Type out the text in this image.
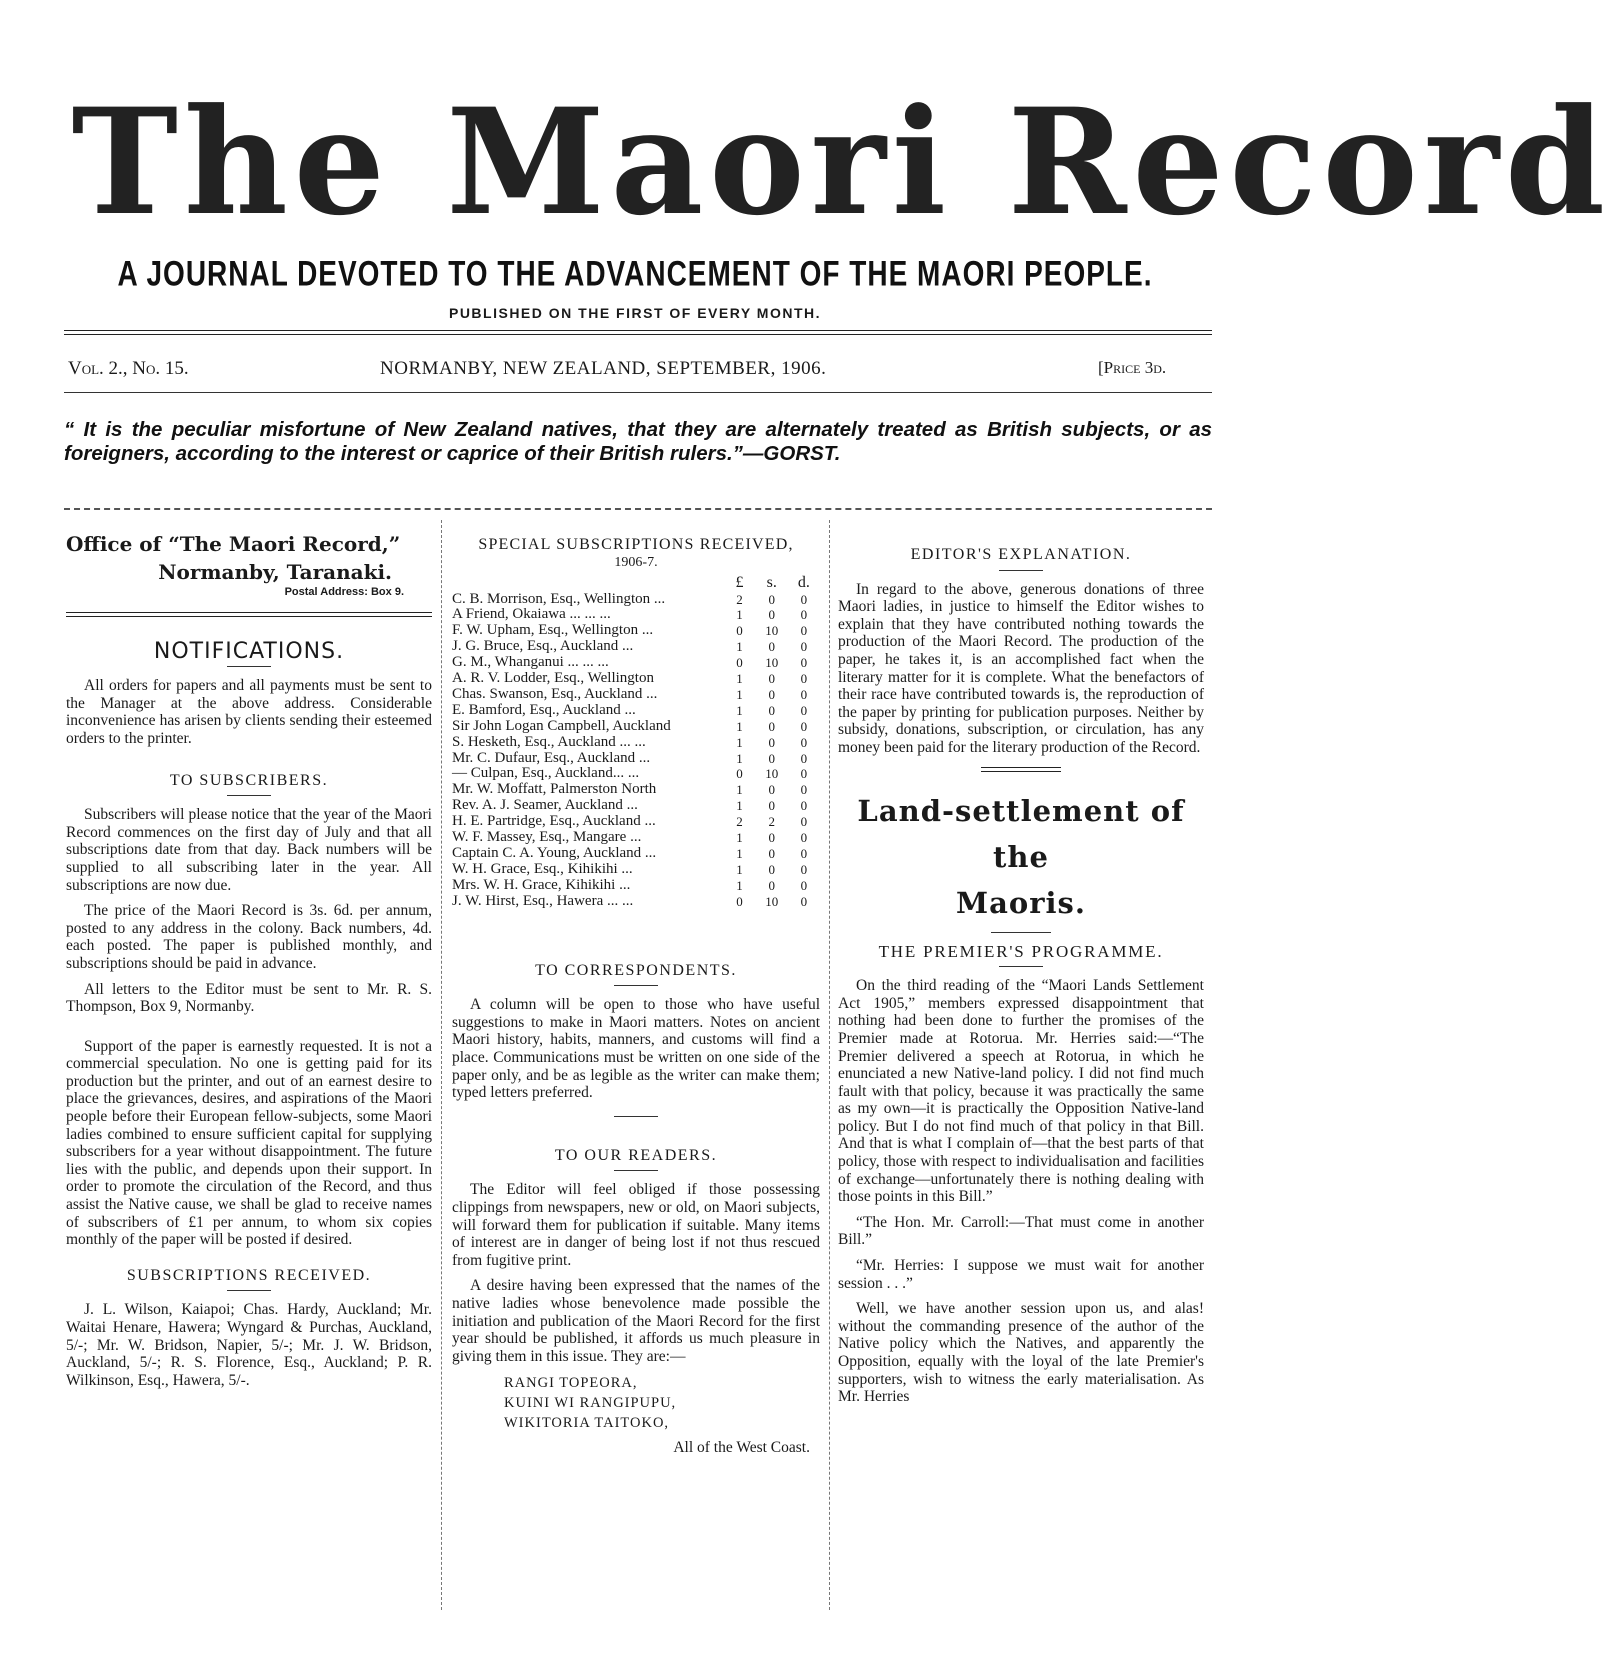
The Maori Record
A JOURNAL DEVOTED TO THE ADVANCEMENT OF THE MAORI PEOPLE.
PUBLISHED ON THE FIRST OF EVERY MONTH.
Vol. 2., No. 15.	NORMANBY, NEW ZEALAND, SEPTEMBER, 1906.	[Price 3d.
“ It is the peculiar misfortune of New Zealand natives, that they are alternately treated as British subjects, or as foreigners, according to the interest or caprice of their British rulers.”—GORST.
Office of “The Maori Record,”
Normanby, Taranaki.
Postal Address: Box 9.
NOTIFICATIONS.

All orders for papers and all payments must be sent to the Manager at the above address. Considerable inconvenience has arisen by clients sending their esteemed orders to the printer.

TO SUBSCRIBERS.

Subscribers will please notice that the year of the Maori Record commences on the first day of July and that all subscriptions date from that day. Back numbers will be supplied to all subscribing later in the year. All subscriptions are now due.

The price of the Maori Record is 3s. 6d. per annum, posted to any address in the colony. Back numbers, 4d. each posted. The paper is published monthly, and subscriptions should be paid in advance.

All letters to the Editor must be sent to Mr. R. S. Thompson, Box 9, Normanby.

Support of the paper is earnestly requested. It is not a commercial speculation. No one is getting paid for its production but the printer, and out of an earnest desire to place the grievances, desires, and aspirations of the Maori people before their European fellow-subjects, some Maori ladies combined to ensure sufficient capital for supplying subscribers for a year without disappointment. The future lies with the public, and depends upon their support. In order to promote the circulation of the Record, and thus assist the Native cause, we shall be glad to receive names of subscribers of £1 per annum, to whom six copies monthly of the paper will be posted if desired.

SUBSCRIPTIONS RECEIVED.

J. L. Wilson, Kaiapoi; Chas. Hardy, Auckland; Mr. Waitai Henare, Hawera; Wyngard & Purchas, Auckland, 5/-; Mr. W. Bridson, Napier, 5/-; Mr. J. W. Bridson, Auckland, 5/-; R. S. Florence, Esq., Auckland; P. R. Wilkinson, Esq., Hawera, 5/-.

SPECIAL SUBSCRIPTIONS RECEIVED,
1906-7.
	£	s.	d.
C. B. Morrison, Esq., Wellington ...	2	0	0
A Friend, Okaiawa ... ... ...	1	0	0
F. W. Upham, Esq., Wellington ...	0	10	0
J. G. Bruce, Esq., Auckland ...	1	0	0
G. M., Whanganui ... ... ...	0	10	0
A. R. V. Lodder, Esq., Wellington	1	0	0
Chas. Swanson, Esq., Auckland ...	1	0	0
E. Bamford, Esq., Auckland ...	1	0	0
Sir John Logan Campbell, Auckland	1	0	0
S. Hesketh, Esq., Auckland ... ...	1	0	0
Mr. C. Dufaur, Esq., Auckland ...	1	0	0
— Culpan, Esq., Auckland... ...	0	10	0
Mr. W. Moffatt, Palmerston North	1	0	0
Rev. A. J. Seamer, Auckland ...	1	0	0
H. E. Partridge, Esq., Auckland ...	2	2	0
W. F. Massey, Esq., Mangare ...	1	0	0
Captain C. A. Young, Auckland ...	1	0	0
W. H. Grace, Esq., Kihikihi ...	1	0	0
Mrs. W. H. Grace, Kihikihi ...	1	0	0
J. W. Hirst, Esq., Hawera ... ...	0	10	0
TO CORRESPONDENTS.

A column will be open to those who have useful suggestions to make in Maori matters. Notes on ancient Maori history, habits, manners, and customs will find a place. Communications must be written on one side of the paper only, and be as legible as the writer can make them; typed letters preferred.

TO OUR READERS.

The Editor will feel obliged if those possessing clippings from newspapers, new or old, on Maori subjects, will forward them for publication if suitable. Many items of interest are in danger of being lost if not thus rescued from fugitive print.

A desire having been expressed that the names of the native ladies whose benevolence made possible the initiation and publication of the Maori Record for the first year should be published, it affords us much pleasure in giving them in this issue. They are:—

RANGI TOPEORA,
KUINI WI RANGIPUPU,
WIKITORIA TAITOKO,
All of the West Coast.
EDITOR'S EXPLANATION.

In regard to the above, generous donations of three Maori ladies, in justice to himself the Editor wishes to explain that they have contributed nothing towards the production of the Maori Record. The production of the paper, he takes it, is an accomplished fact when the literary matter for it is complete. What the benefactors of their race have contributed towards is, the reproduction of the paper by printing for publication purposes. Neither by subsidy, donations, subscription, or circulation, has any money been paid for the literary production of the Record.

Land-settlement of the
Maoris.
THE PREMIER'S PROGRAMME.

On the third reading of the “Maori Lands Settlement Act 1905,” members expressed disappointment that nothing had been done to further the promises of the Premier made at Rotorua. Mr. Herries said:—“The Premier delivered a speech at Rotorua, in which he enunciated a new Native-land policy. I did not find much fault with that policy, because it was practically the same as my own—it is practically the Opposition Native-land policy. But I do not find much of that policy in that Bill. And that is what I complain of—that the best parts of that policy, those with respect to individualisation and facilities of exchange—unfortunately there is nothing dealing with those points in this Bill.”

“The Hon. Mr. Carroll:—That must come in another Bill.”

“Mr. Herries: I suppose we must wait for another session . . .”

Well, we have another session upon us, and alas! without the commanding presence of the author of the Native policy which the Natives, and apparently the Opposition, equally with the loyal of the late Premier's supporters, wish to witness the early materialisation. As Mr. Herries
